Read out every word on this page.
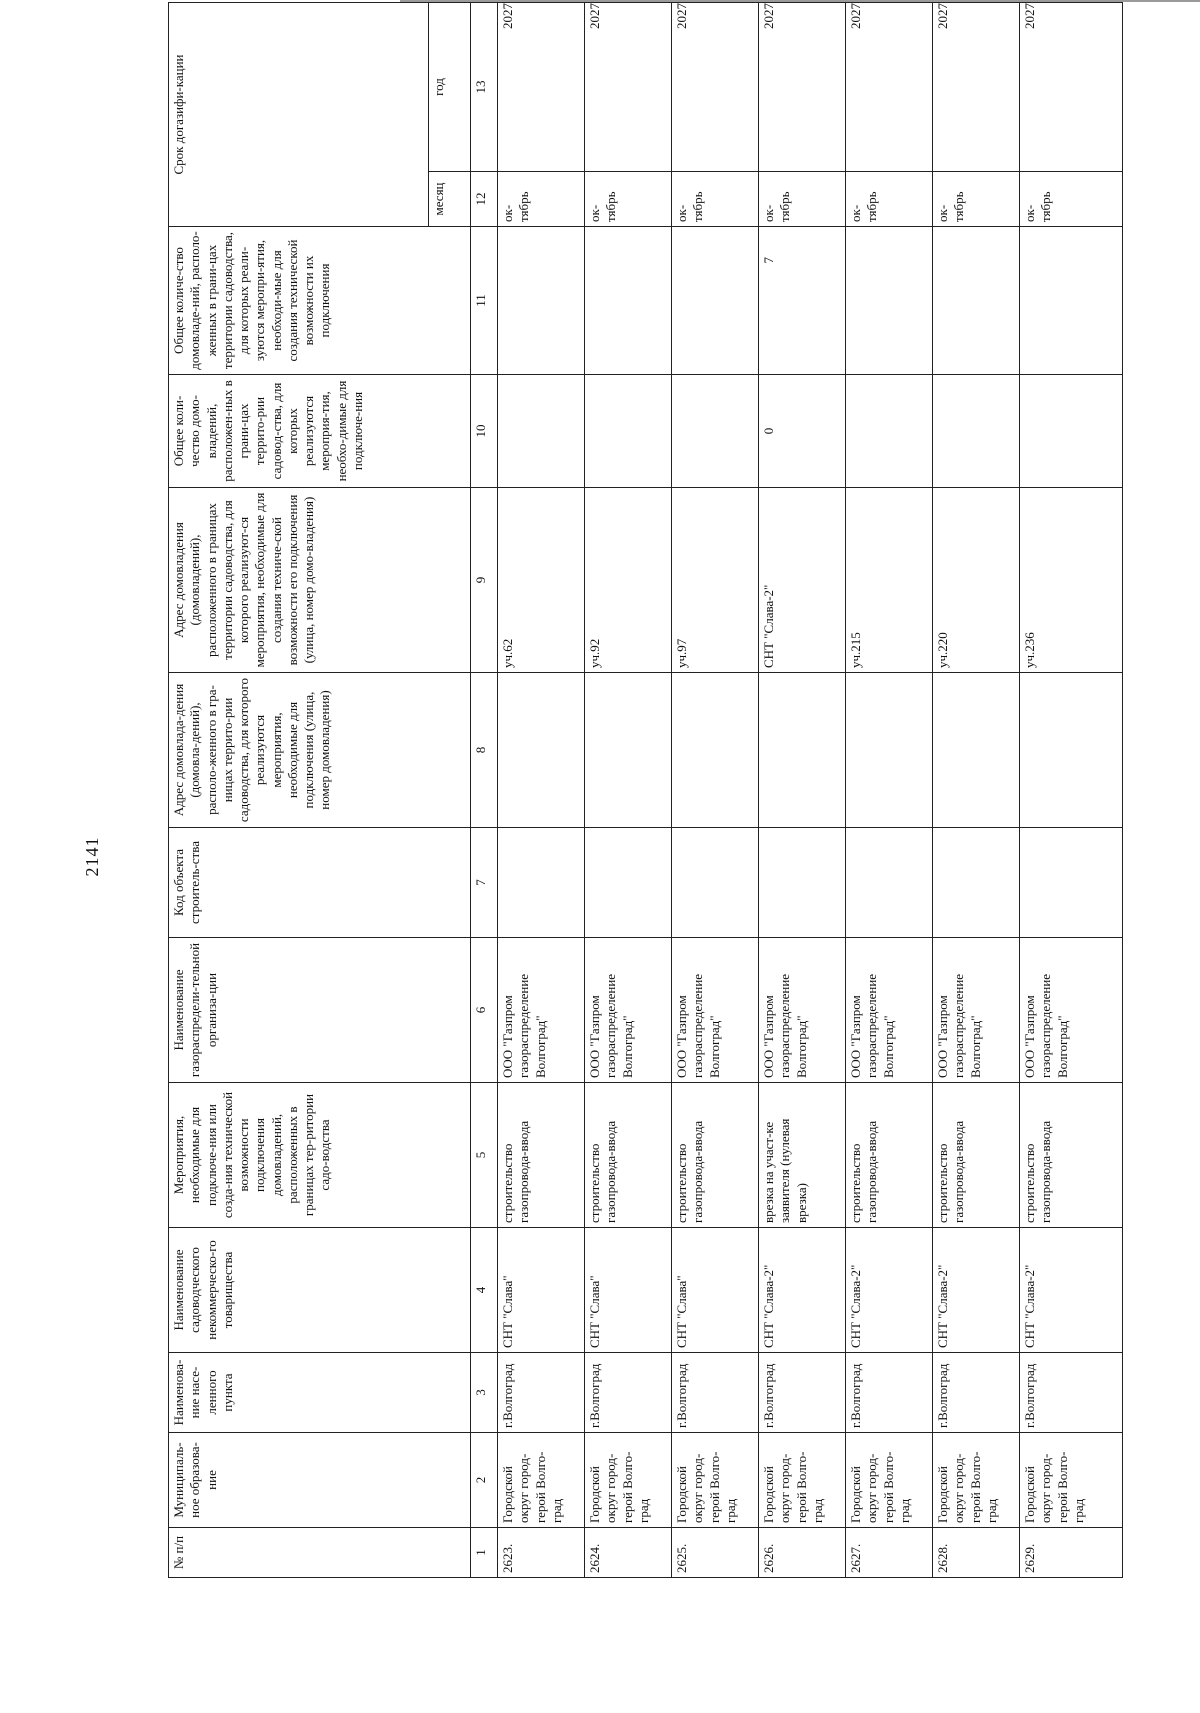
2141
№ п/п	Муниципаль-ное образова-ние	Наименова-ние насе-ленного пункта	Наименование садоводческого некоммерческо-го товарищества	Мероприятия, необходимые для подключе-ния или созда-ния технической возможности подключения домовладений, расположенных в границах тер-ритории садо-водства	Наименование газораспредели-тельной организа-ции	Код объекта строитель-ства	Адрес домовлада-дения (домовла-дений), располо-женного в гра-ницах террито-рии садоводства, для которого реализуются мероприятия, необходимые для подключения (улица, номер домовладения)	Адрес домовладения (домовладений), расположенного в границах территории садоводства, для которого реализуют-ся мероприятия, необходимые для создания техниче-ской возможности его подключения (улица, номер домо-владения)	Общее коли-чество домо-владений, расположен-ных в грани-цах террито-рии садовод-ства, для которых реализуются мероприя-тия, необхо-димые для подключе-ния	Общее количе-ство домовладе-ний, располо-женных в грани-цах территории садоводства, для которых реали-зуются меропри-ятия, необходи-мые для создания технической возможности их подключения	Срок догазифи-кации	
											месяц	год
1	2	3	4	5	6	7	8	9	10	11	12	13
2623.	Городской округ город-герой Волго-град	г.Волгоград	СНТ "Слава"	строительство газопровода-ввода	ООО "Газпром газораспределение Волгоград"			уч.62			ок-тябрь	2027
2624.	Городской округ город-герой Волго-град	г.Волгоград	СНТ "Слава"	строительство газопровода-ввода	ООО "Газпром газораспределение Волгоград"			уч.92			ок-тябрь	2027
2625.	Городской округ город-герой Волго-град	г.Волгоград	СНТ "Слава"	строительство газопровода-ввода	ООО "Газпром газораспределение Волгоград"			уч.97			ок-тябрь	2027
2626.	Городской округ город-герой Волго-град	г.Волгоград	СНТ "Слава-2"	врезка на участ-ке заявителя (нулевая врезка)	ООО "Газпром газораспределение Волгоград"			СНТ "Слава-2"	0	7	ок-тябрь	2027
2627.	Городской округ город-герой Волго-град	г.Волгоград	СНТ "Слава-2"	строительство газопровода-ввода	ООО "Газпром газораспределение Волгоград"			уч.215			ок-тябрь	2027
2628.	Городской округ город-герой Волго-град	г.Волгоград	СНТ "Слава-2"	строительство газопровода-ввода	ООО "Газпром газораспределение Волгоград"			уч.220			ок-тябрь	2027
2629.	Городской округ город-герой Волго-град	г.Волгоград	СНТ "Слава-2"	строительство газопровода-ввода	ООО "Газпром газораспределение Волгоград"			уч.236			ок-тябрь	2027
